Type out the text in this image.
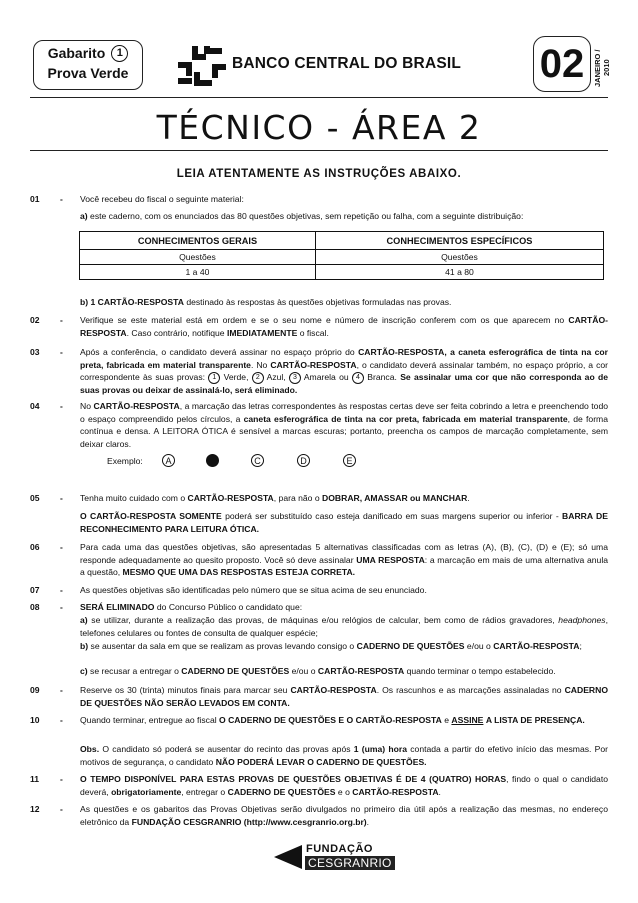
Gabarito	1
Prova Verde
BANCO CENTRAL DO BRASIL 02	JANEIRO / 2010
TÉCNICO - ÁREA 2
LEIA ATENTAMENTE AS INSTRUÇÕES ABAIXO.
01 - Você recebeu do fiscal o seguinte material:
a) este caderno, com os enunciados das 80 questões objetivas, sem repetição ou falha, com a seguinte distribuição:
CONHECIMENTOS GERAIS	CONHECIMENTOS ESPECÍFICOS
Questões	Questões
1 a 40	41 a 80
b) 1 CARTÃO-RESPOSTA destinado às respostas às questões objetivas formuladas nas provas.
02 - Verifique se este material está em ordem e se o seu nome e número de inscrição conferem com os que aparecem no CARTÃO-RESPOSTA. Caso contrário, notifique IMEDIATAMENTE o fiscal.
03 - Após a conferência, o candidato deverá assinar no espaço próprio do CARTÃO-RESPOSTA, a caneta esferográfica de tinta na cor preta, fabricada em material transparente. No CARTÃO-RESPOSTA, o candidato deverá assinalar também, no espaço próprio, a cor correspondente às suas provas: 1 Verde, 2 Azul, 3 Amarela ou 4 Branca. Se assinalar uma cor que não corresponda ao de suas provas ou deixar de assinalá-lo, será eliminado.
04 - No CARTÃO-RESPOSTA, a marcação das letras correspondentes às respostas certas deve ser feita cobrindo a letra e preenchendo todo o espaço compreendido pelos círculos, a caneta esferográfica de tinta na cor preta, fabricada em material transparente, de forma contínua e densa. A LEITORA ÓTICA é sensível a marcas escuras; portanto, preencha os campos de marcação completamente, sem deixar claros.
Exemplo:	A	C	D	E
05 - Tenha muito cuidado com o CARTÃO-RESPOSTA, para não o DOBRAR, AMASSAR ou MANCHAR.
O CARTÃO-RESPOSTA SOMENTE poderá ser substituído caso esteja danificado em suas margens superior ou inferior - BARRA DE RECONHECIMENTO PARA LEITURA ÓTICA.
06 - Para cada uma das questões objetivas, são apresentadas 5 alternativas classificadas com as letras (A), (B), (C), (D) e (E); só uma responde adequadamente ao quesito proposto. Você só deve assinalar UMA RESPOSTA: a marcação em mais de uma alternativa anula a questão, MESMO QUE UMA DAS RESPOSTAS ESTEJA CORRETA.
07 - As questões objetivas são identificadas pelo número que se situa acima de seu enunciado.
08 - SERÁ ELIMINADO do Concurso Público o candidato que:
a) se utilizar, durante a realização das provas, de máquinas e/ou relógios de calcular, bem como de rádios gravadores, headphones, telefones celulares ou fontes de consulta de qualquer espécie;
b) se ausentar da sala em que se realizam as provas levando consigo o CADERNO DE QUESTÕES e/ou o CARTÃO-RESPOSTA;
c) se recusar a entregar o CADERNO DE QUESTÕES e/ou o CARTÃO-RESPOSTA quando terminar o tempo estabelecido.
09 - Reserve os 30 (trinta) minutos finais para marcar seu CARTÃO-RESPOSTA. Os rascunhos e as marcações assinaladas no CADERNO DE QUESTÕES NÃO SERÃO LEVADOS EM CONTA.
10 - Quando terminar, entregue ao fiscal O CADERNO DE QUESTÕES E O CARTÃO-RESPOSTA e ASSINE A LISTA DE PRESENÇA.
Obs. O candidato só poderá se ausentar do recinto das provas após 1 (uma) hora contada a partir do efetivo início das mesmas. Por motivos de segurança, o candidato NÃO PODERÁ LEVAR O CADERNO DE QUESTÕES.
11 - O TEMPO DISPONÍVEL PARA ESTAS PROVAS DE QUESTÕES OBJETIVAS É DE 4 (QUATRO) HORAS, findo o qual o candidato deverá, obrigatoriamente, entregar o CADERNO DE QUESTÕES e o CARTÃO-RESPOSTA.
12 - As questões e os gabaritos das Provas Objetivas serão divulgados no primeiro dia útil após a realização das mesmas, no endereço eletrônico da FUNDAÇÃO CESGRANRIO (http://www.cesgranrio.org.br).
FUNDAÇÃO
CESGRANRIO
